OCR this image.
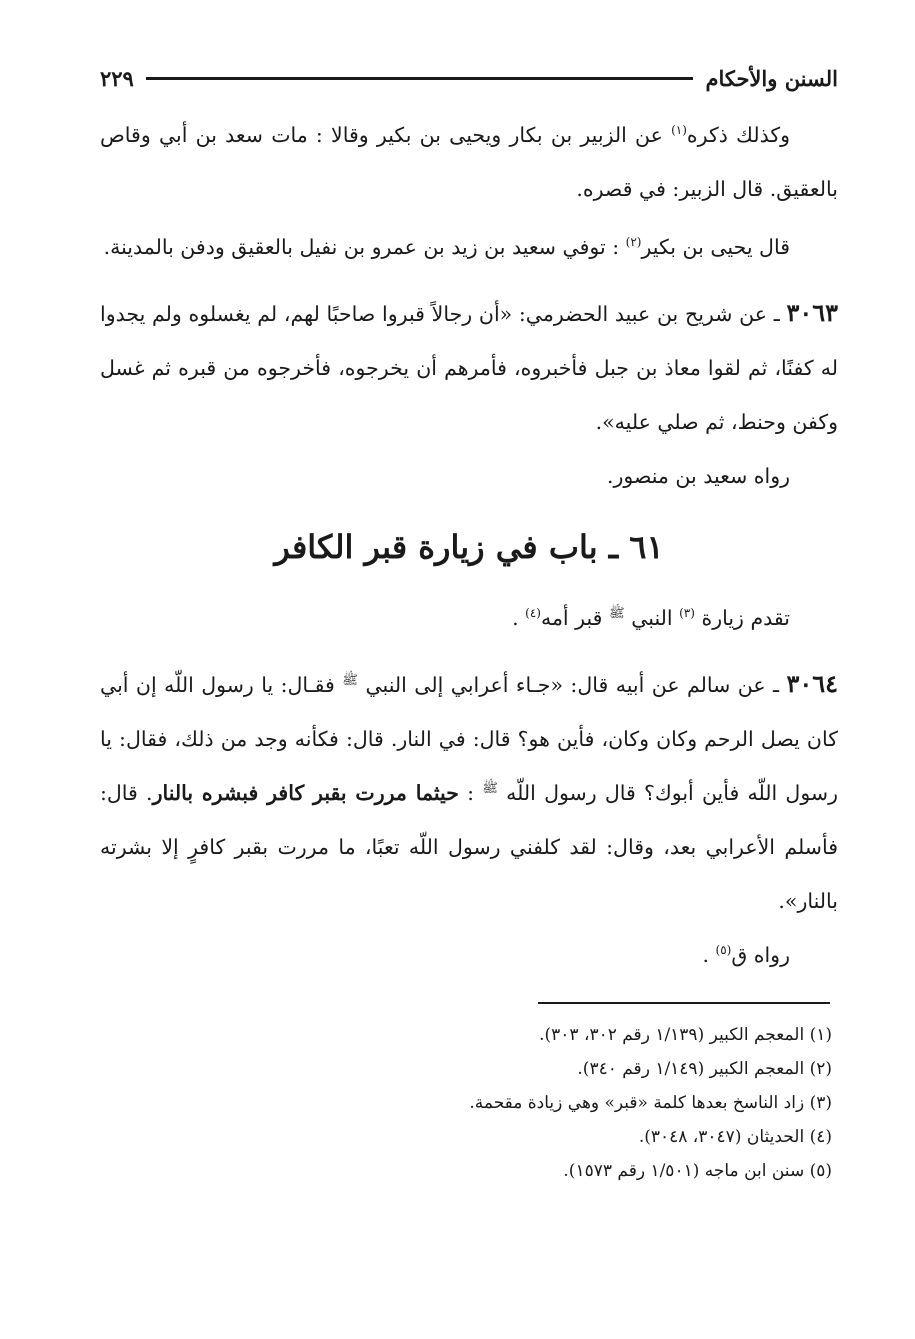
السنن والأحكام
٢٢٩

وكذلك ذكره$^{(١)}$ عن الزبير بن بكار ويحيى بن بكير وقالا : مات سعد بن أبي وقاص بالعقيق. قال الزبير: في قصره.

قال يحيى بن بكير$^{(٢)}$ : توفي سعيد بن زيد بن عمرو بن نفيل بالعقيق ودفن بالمدينة.

٣٠٦٣ ـ عن شريح بن عبيد الحضرمي: «أن رجالاً قبروا صاحبًا لهم، لم يغسلوه ولم يجدوا له كفنًا، ثم لقوا معاذ بن جبل فأخبروه، فأمرهم أن يخرجوه، فأخرجوه من قبره ثم غسل وكفن وحنط، ثم صلي عليه».

رواه سعيد بن منصور.

٦١ ـ باب في زيارة قبر الكافر

تقدم زيارة $^{(٣)}$ النبي $^ﷺ$ قبر أمه$^{(٤)}$ .

٣٠٦٤ ـ عن سالم عن أبيه قال: «جـاء أعرابي إلى النبي $^ﷺ$ فقـال: يا رسول اللّه إن أبي كان يصل الرحم وكان وكان، فأين هو؟ قال: في النار. قال: فكأنه وجد من ذلك، فقال: يا رسول اللّه فأين أبوك؟ قال رسول اللّه $^ﷺ$ : حيثما مررت بقبر كافر فبشره بالنار. قال: فأسلم الأعرابي بعد، وقال: لقد كلفني رسول اللّه تعبًا، ما مررت بقبر كافرٍ إلا بشرته بالنار».

رواه ق$^{(٥)}$ .

(١) المعجم الكبير (١/١٣٩ رقم ٣٠٢، ٣٠٣).

(٢) المعجم الكبير (١/١٤٩ رقم ٣٤٠).

(٣) زاد الناسخ بعدها كلمة «قبر» وهي زيادة مقحمة.

(٤) الحديثان (٣٠٤٧، ٣٠٤٨).

(٥) سنن ابن ماجه (١/٥٠١ رقم ١٥٧٣).
